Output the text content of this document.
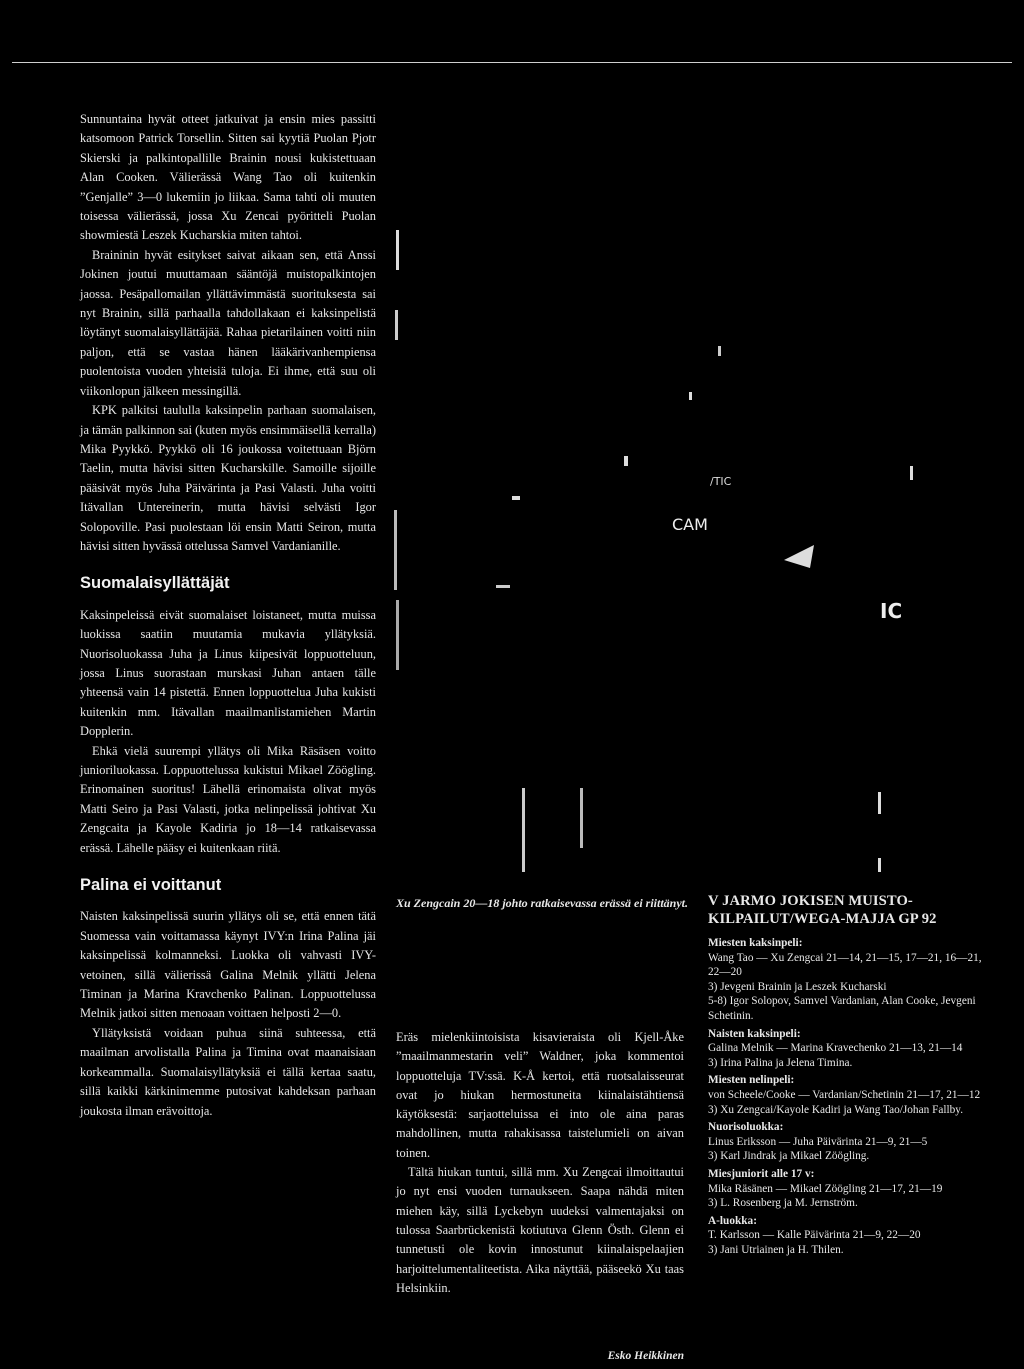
Sunnuntaina hyvät otteet jatkuivat ja ensin mies passitti katsomoon Patrick Torsellin. Sitten sai kyytiä Puolan Pjotr Skierski ja palkintopallille Brainin nousi kukistettuaan Alan Cooken. Välierässä Wang Tao oli kuitenkin ”Genjalle” 3—0 lukemiin jo liikaa. Sama tahti oli muuten toisessa välierässä, jossa Xu Zencai pyöritteli Puolan showmiestä Leszek Kucharskia miten tahtoi.

Braininin hyvät esitykset saivat aikaan sen, että Anssi Jokinen joutui muuttamaan sääntöjä muistopalkintojen jaossa. Pesäpallomailan yllättävimmästä suorituksesta sai nyt Brainin, sillä parhaalla tahdollakaan ei kaksinpelistä löytänyt suomalaisyllättäjää. Rahaa pietarilainen voitti niin paljon, että se vastaa hänen lääkärivanhempiensa puolentoista vuoden yhteisiä tuloja. Ei ihme, että suu oli viikonlopun jälkeen messingillä.

KPK palkitsi taululla kaksinpelin parhaan suomalaisen, ja tämän palkinnon sai (kuten myös ensimmäisellä kerralla) Mika Pyykkö. Pyykkö oli 16 joukossa voitettuaan Björn Taelin, mutta hävisi sitten Kucharskille. Samoille sijoille pääsivät myös Juha Päivärinta ja Pasi Valasti. Juha voitti Itävallan Untereinerin, mutta hävisi selvästi Igor Solopoville. Pasi puolestaan löi ensin Matti Seiron, mutta hävisi sitten hyvässä ottelussa Samvel Vardanianille.

Suomalaisyllättäjät

Kaksinpeleissä eivät suomalaiset loistaneet, mutta muissa luokissa saatiin muutamia mukavia yllätyksiä. Nuorisoluokassa Juha ja Linus kiipesivät loppuotteluun, jossa Linus suorastaan murskasi Juhan antaen tälle yhteensä vain 14 pistettä. Ennen loppuottelua Juha kukisti kuitenkin mm. Itävallan maailmanlistamiehen Martin Dopplerin.

Ehkä vielä suurempi yllätys oli Mika Räsäsen voitto junioriluokassa. Loppuottelussa kukistui Mikael Zöögling. Erinomainen suoritus! Lähellä erinomaista olivat myös Matti Seiro ja Pasi Valasti, jotka nelinpelissä johtivat Xu Zengcaita ja Kayole Kadiria jo 18—14 ratkaisevassa erässä. Lähelle pääsy ei kuitenkaan riitä.

Palina ei voittanut

Naisten kaksinpelissä suurin yllätys oli se, että ennen tätä Suomessa vain voittamassa käynyt IVY:n Irina Palina jäi kaksinpelissä kolmanneksi. Luokka oli vahvasti IVY-vetoinen, sillä välieriss​ä Galina Melnik yllätti Jelena Timinan ja Marina Kravchenko Palinan. Loppuottelussa Melnik jatkoi sitten menoaan voittaen helposti 2—0.

Yllätyksistä voidaan puhua siinä suhteessa, että maailman arvolistalla Palina ja Timina ovat maanaisiaan korkeammalla. Suomalaisyllätyksiä ei tällä kertaa saatu, sillä kaikki kärkinimemme putosivat kahdeksan parhaan joukosta ilman erävoittoja.

/TIC
CAM
IC
Xu Zengcain 20—18 johto ratkaisevassa erässä ei riittänyt.

Eräs mielenkiintoisista kisavieraista oli Kjell-Åke ”maailmanmestarin veli” Waldner, joka kommentoi loppuotteluja TV:ssä. K-Å kertoi, että ruotsalaisseurat ovat jo hiukan hermostuneita kiinalaistähtiensä käytöksestä: sarjaotteluissa ei into ole aina paras mahdollinen, mutta rahakisassa taistelumieli on aivan toinen.

Tältä hiukan tuntui, sillä mm. Xu Zengcai ilmoittautui jo nyt ensi vuoden turnaukseen. Saapa nähdä miten miehen käy, sillä Lyckebyn uudeksi valmentajaksi on tulossa Saarbrückenistä kotiutuva Glenn Östh. Glenn ei tunnetusti ole kovin innostunut kiinalaispelaajien harjoittelumentaliteetista. Aika näyttää, pääseekö Xu taas Helsinkiin.

Esko Heikkinen
V JARMO JOKISEN MUISTO-KILPAILUT/WEGA-MAJJA GP 92
Miesten kaksinpeli:
Wang Tao — Xu Zengcai 21—14, 21—15, 17—21, 16—21, 22—20
3) Jevgeni Brainin ja Leszek Kucharski
5-8) Igor Solopov, Samvel Vardanian, Alan Cooke, Jevgeni Schetinin.
Naisten kaksinpeli:
Galina Melnik — Marina Kravechenko 21—13, 21—14
3) Irina Palina ja Jelena Timina.
Miesten nelinpeli:
von Scheele/Cooke — Vardanian/Schetinin 21—17, 21—12
3) Xu Zengcai/Kayole Kadiri ja Wang Tao/Johan Fallby.
Nuorisoluokka:
Linus Eriksson — Juha Päivärinta 21—9, 21—5
3) Karl Jindrak ja Mikael Zöögling.
Miesjuniorit alle 17 v:
Mika Räsänen — Mikael Zöögling 21—17, 21—19
3) L. Rosenberg ja M. Jernström.
A-luokka:
T. Karlsson — Kalle Päivärinta 21—9, 22—20
3) Jani Utriainen ja H. Thilen.
